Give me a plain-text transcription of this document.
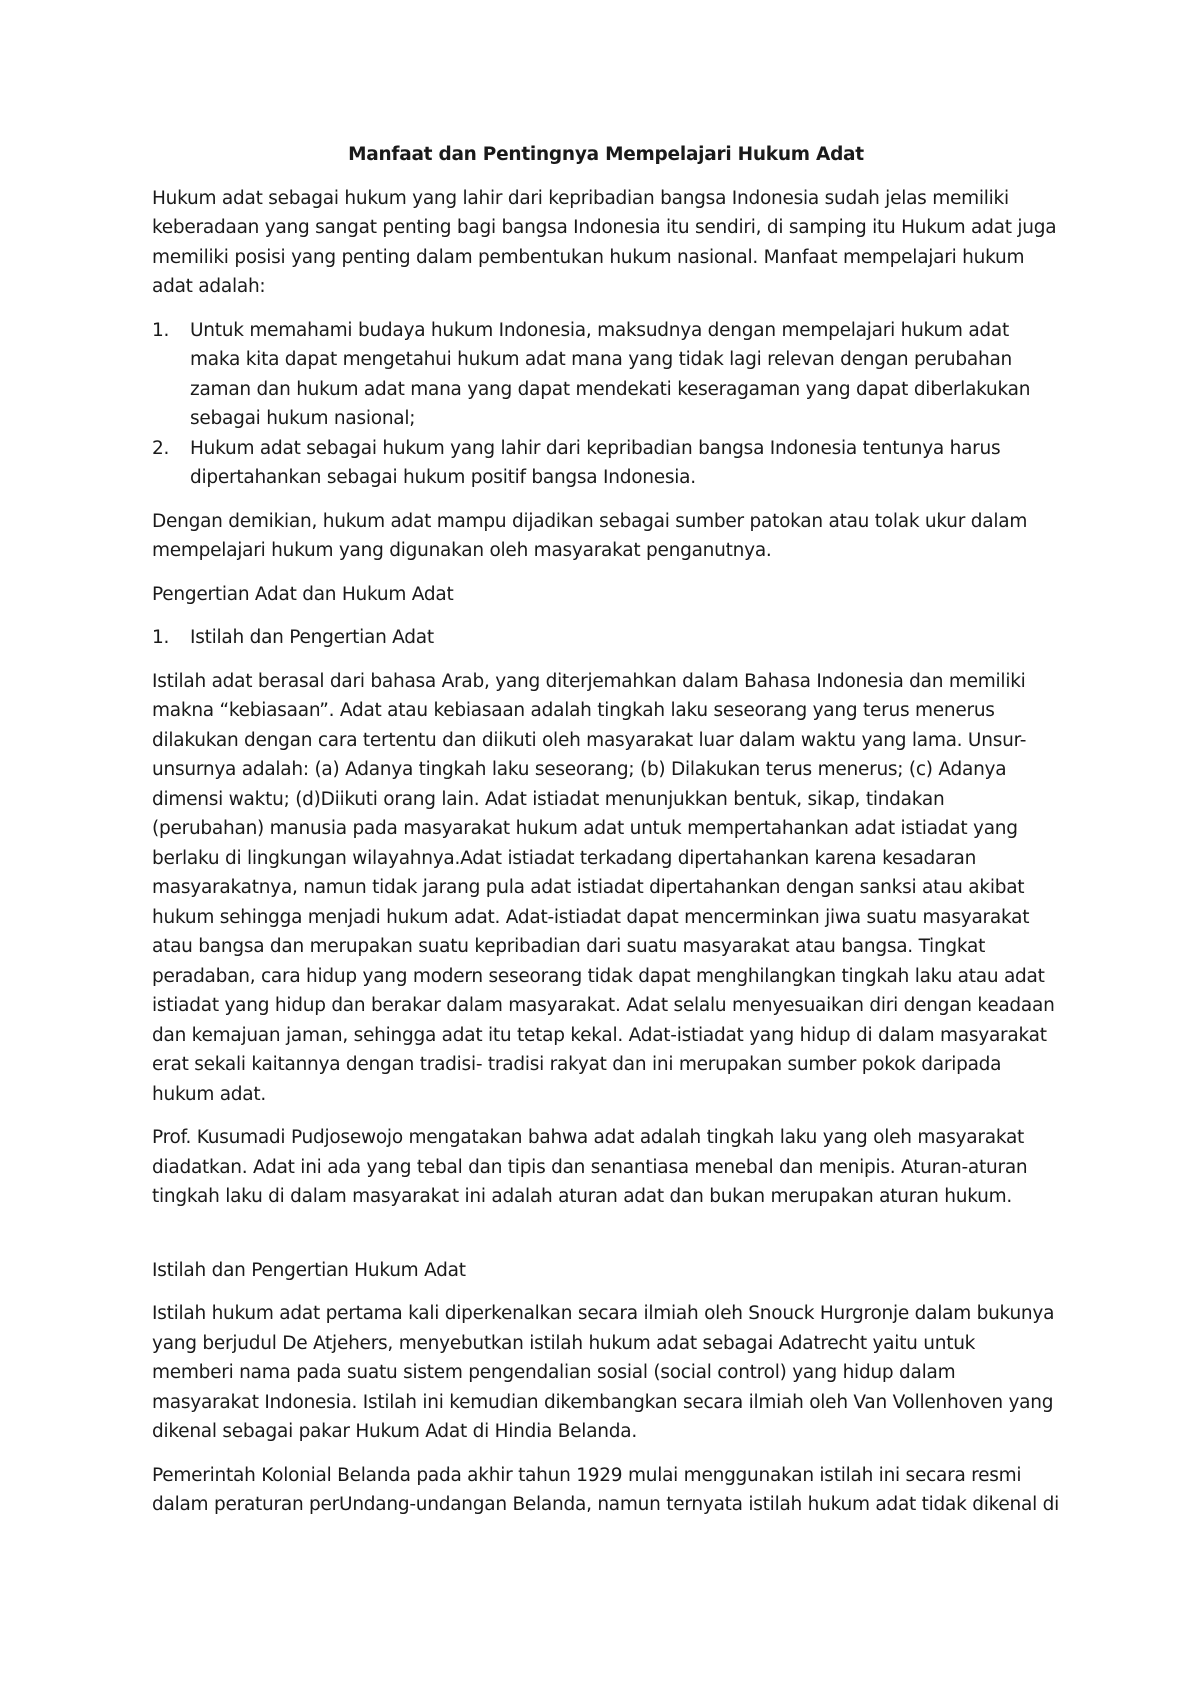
Manfaat dan Pentingnya Mempelajari Hukum Adat

Hukum adat sebagai hukum yang lahir dari kepribadian bangsa Indonesia sudah jelas memiliki keberadaan yang sangat penting bagi bangsa Indonesia itu sendiri, di samping itu Hukum adat juga memiliki posisi yang penting dalam pembentukan hukum nasional. Manfaat mempelajari hukum adat adalah:

1. Untuk memahami budaya hukum Indonesia, maksudnya dengan mempelajari hukum adat maka kita dapat mengetahui hukum adat mana yang tidak lagi relevan dengan perubahan zaman dan hukum adat mana yang dapat mendekati keseragaman yang dapat diberlakukan sebagai hukum nasional;
2. Hukum adat sebagai hukum yang lahir dari kepribadian bangsa Indonesia tentunya harus dipertahankan sebagai hukum positif bangsa Indonesia.

Dengan demikian, hukum adat mampu dijadikan sebagai sumber patokan atau tolak ukur dalam mempelajari hukum yang digunakan oleh masyarakat penganutnya.

Pengertian Adat dan Hukum Adat

1. Istilah dan Pengertian Adat

Istilah adat berasal dari bahasa Arab, yang diterjemahkan dalam Bahasa Indonesia dan memiliki makna “kebiasaan”. Adat atau kebiasaan adalah tingkah laku seseorang yang terus menerus dilakukan dengan cara tertentu dan diikuti oleh masyarakat luar dalam waktu yang lama. Unsur-unsurnya adalah: (a) Adanya tingkah laku seseorang; (b) Dilakukan terus menerus; (c) Adanya dimensi waktu; (d)Diikuti orang lain. Adat istiadat menunjukkan bentuk, sikap, tindakan (perubahan) manusia pada masyarakat hukum adat untuk mempertahankan adat istiadat yang berlaku di lingkungan wilayahnya.Adat istiadat terkadang dipertahankan karena kesadaran masyarakatnya, namun tidak jarang pula adat istiadat dipertahankan dengan sanksi atau akibat hukum sehingga menjadi hukum adat. Adat-istiadat dapat mencerminkan jiwa suatu masyarakat atau bangsa dan merupakan suatu kepribadian dari suatu masyarakat atau bangsa. Tingkat peradaban, cara hidup yang modern seseorang tidak dapat menghilangkan tingkah laku atau adat istiadat yang hidup dan berakar dalam masyarakat. Adat selalu menyesuaikan diri dengan keadaan dan kemajuan jaman, sehingga adat itu tetap kekal. Adat-istiadat yang hidup di dalam masyarakat erat sekali kaitannya dengan tradisi- tradisi rakyat dan ini merupakan sumber pokok daripada hukum adat.

Prof. Kusumadi Pudjosewojo mengatakan bahwa adat adalah tingkah laku yang oleh masyarakat diadatkan. Adat ini ada yang tebal dan tipis dan senantiasa menebal dan menipis. Aturan-aturan tingkah laku di dalam masyarakat ini adalah aturan adat dan bukan merupakan aturan hukum.

Istilah dan Pengertian Hukum Adat

Istilah hukum adat pertama kali diperkenalkan secara ilmiah oleh Snouck Hurgronje dalam bukunya yang berjudul De Atjehers, menyebutkan istilah hukum adat sebagai Adatrecht yaitu untuk memberi nama pada suatu sistem pengendalian sosial (social control) yang hidup dalam masyarakat Indonesia. Istilah ini kemudian dikembangkan secara ilmiah oleh Van Vollenhoven yang dikenal sebagai pakar Hukum Adat di Hindia Belanda.

Pemerintah Kolonial Belanda pada akhir tahun 1929 mulai menggunakan istilah ini secara resmi dalam peraturan perUndang-undangan Belanda, namun ternyata istilah hukum adat tidak dikenal di
